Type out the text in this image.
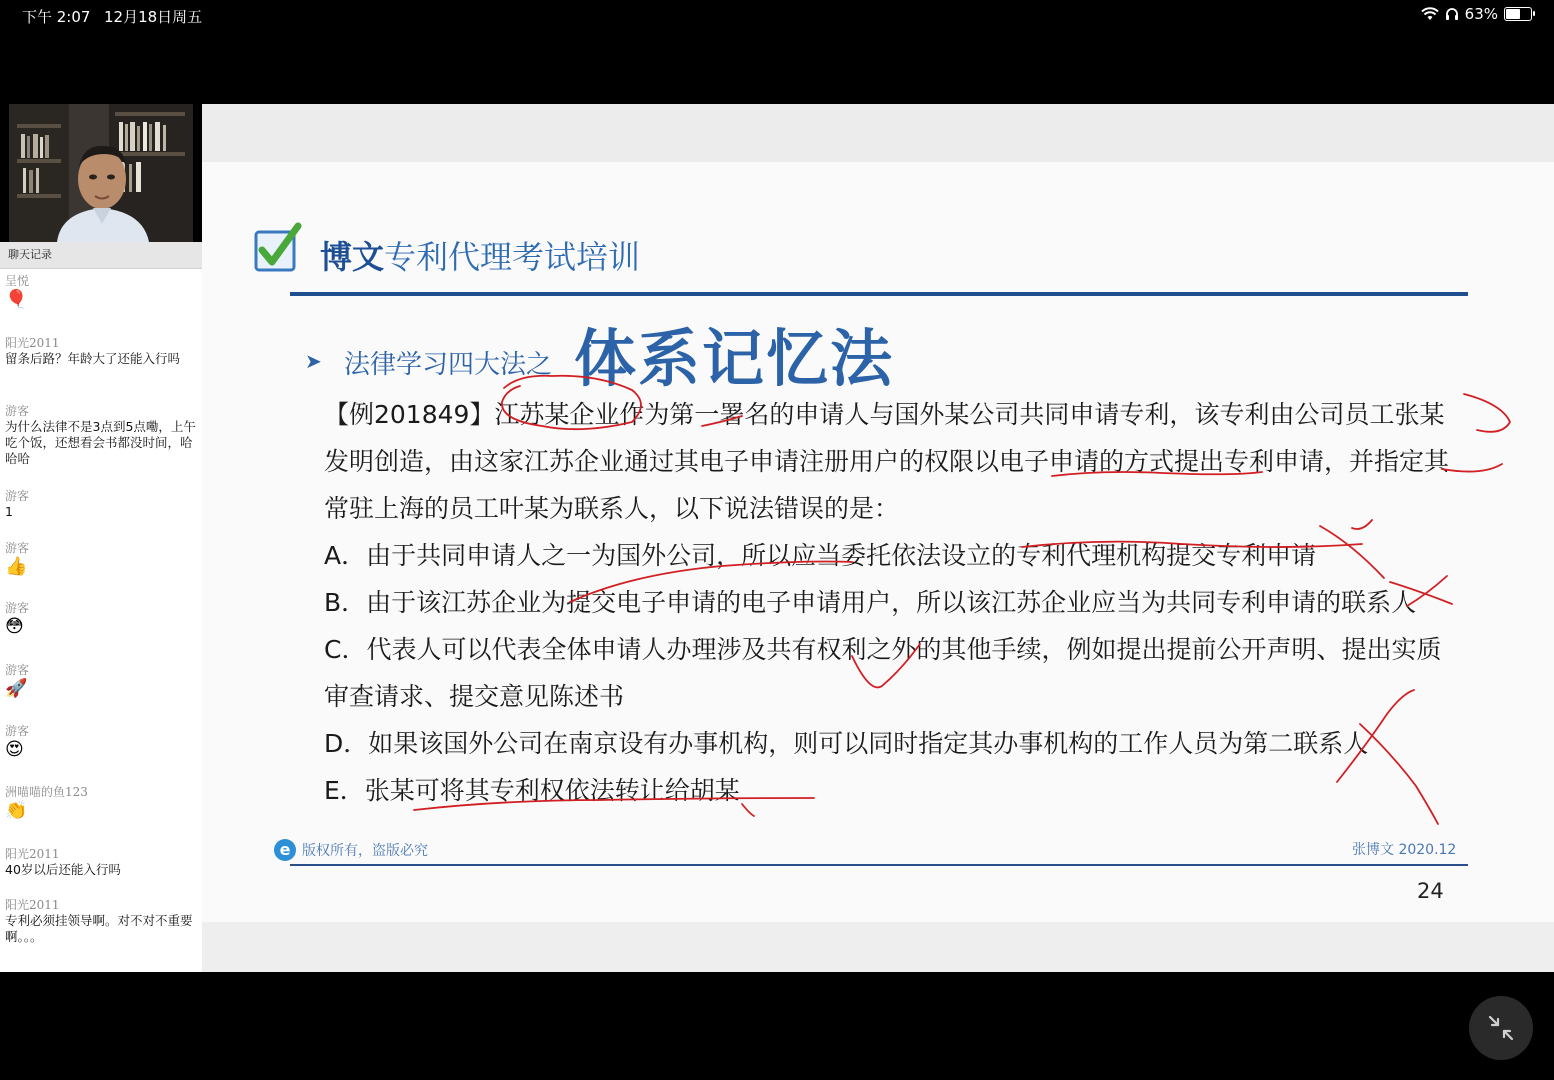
下午 2:07 12月18日周五	63%
聊天记录
呈悦
🎈
阳光2011
留条后路？年龄大了还能入行吗
游客
为什么法律不是3点到5点嘞，上午吃个饭，还想看会书都没时间，哈哈哈
游客
1
游客
👍
游客
😳
游客
🚀
游客
😍
洲喵喵的鱼123
👏
阳光2011
40岁以后还能入行吗
阳光2011
专利必须挂领导啊。对不对不重要啊。。。
博文专利代理考试培训
➤ 法律学习四大法之 体系记忆法
【例201849】江苏某企业作为第一署名的申请人与国外某公司共同申请专利，该专利由公司员工张某
发明创造，由这家江苏企业通过其电子申请注册用户的权限以电子申请的方式提出专利申请，并指定其
常驻上海的员工叶某为联系人，以下说法错误的是：
A．由于共同申请人之一为国外公司，所以应当委托依法设立的专利代理机构提交专利申请
B．由于该江苏企业为提交电子申请的电子申请用户，所以该江苏企业应当为共同专利申请的联系人
C．代表人可以代表全体申请人办理涉及共有权利之外的其他手续，例如提出提前公开声明、提出实质
审查请求、提交意见陈述书
D．如果该国外公司在南京设有办事机构，则可以同时指定其办事机构的工作人员为第二联系人
E．张某可将其专利权依法转让给胡某
e 版权所有，盗版必究	张博文 2020.12
24
